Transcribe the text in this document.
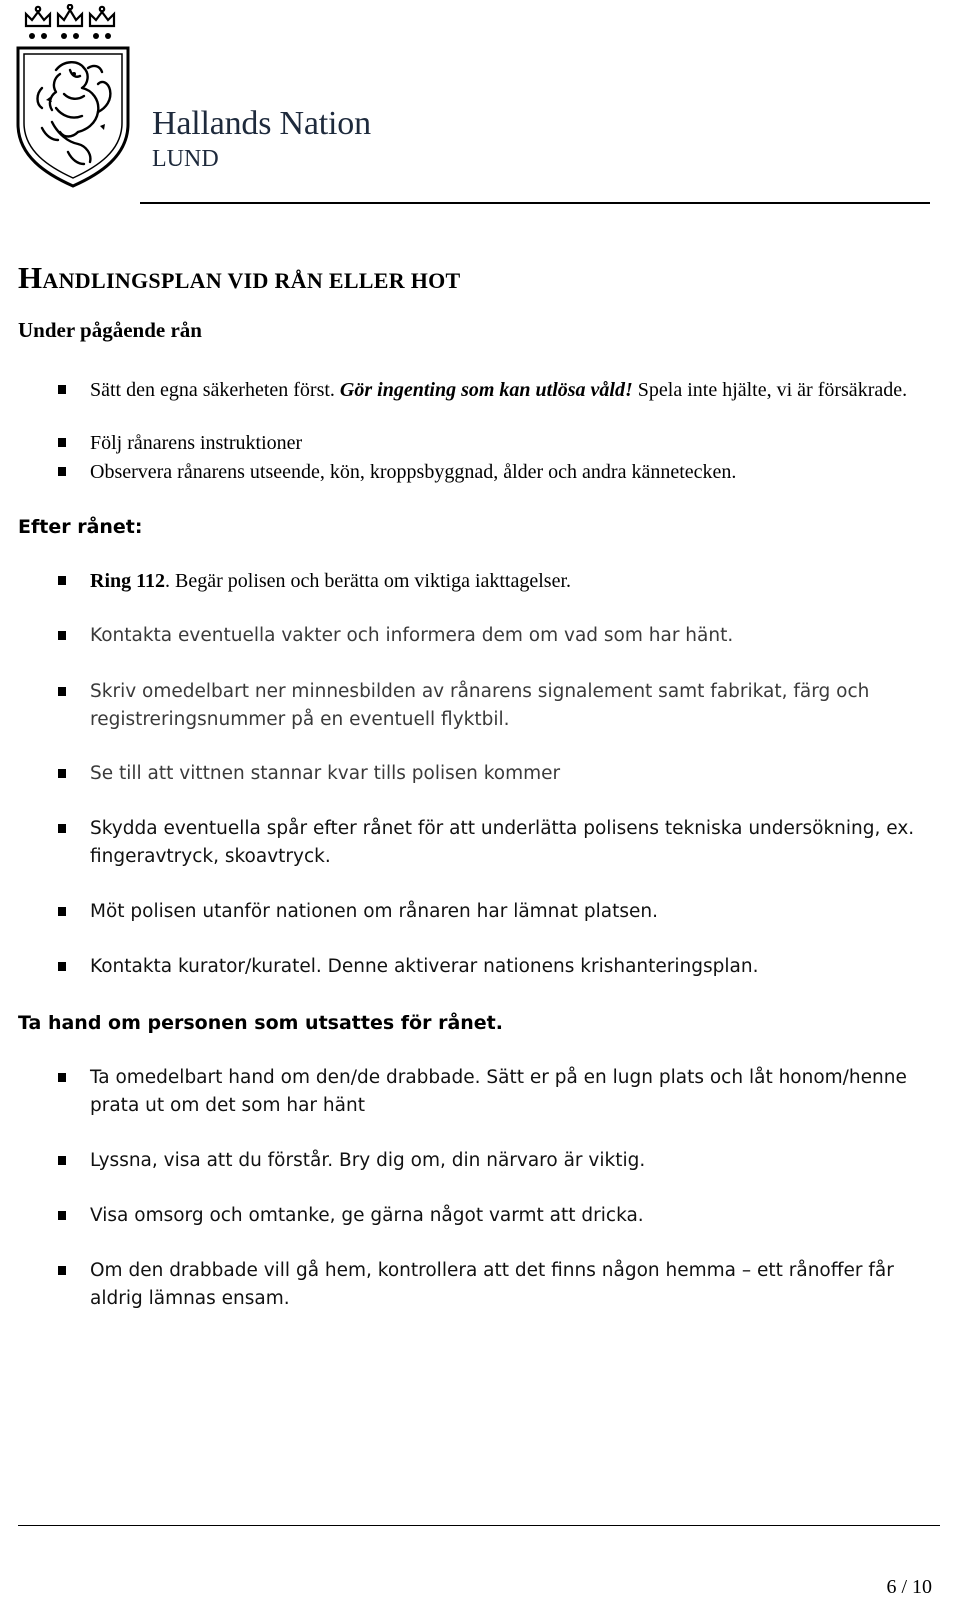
Hallands Nation
LUND
HANDLINGSPLAN VID RÅN ELLER HOT
Under pågående rån
Sätt den egna säkerheten först. Gör ingenting som kan utlösa våld! Spela inte hjälte, vi är försäkrade.
Följ rånarens instruktioner
Observera rånarens utseende, kön, kroppsbyggnad, ålder och andra kännetecken.
Efter rånet:
Ring 112. Begär polisen och berätta om viktiga iakttagelser.
Kontakta eventuella vakter och informera dem om vad som har hänt.
Skriv omedelbart ner minnesbilden av rånarens signalement samt fabrikat, färg och registreringsnummer på en eventuell flyktbil.
Se till att vittnen stannar kvar tills polisen kommer
Skydda eventuella spår efter rånet för att underlätta polisens tekniska undersökning, ex. fingeravtryck, skoavtryck.
Möt polisen utanför nationen om rånaren har lämnat platsen.
Kontakta kurator/kuratel. Denne aktiverar nationens krishanteringsplan.
Ta hand om personen som utsattes för rånet.
Ta omedelbart hand om den/de drabbade. Sätt er på en lugn plats och låt honom/henne prata ut om det som har hänt
Lyssna, visa att du förstår. Bry dig om, din närvaro är viktig.
Visa omsorg och omtanke, ge gärna något varmt att dricka.
Om den drabbade vill gå hem, kontrollera att det finns någon hemma – ett rånoffer får aldrig lämnas ensam.
6 / 10
